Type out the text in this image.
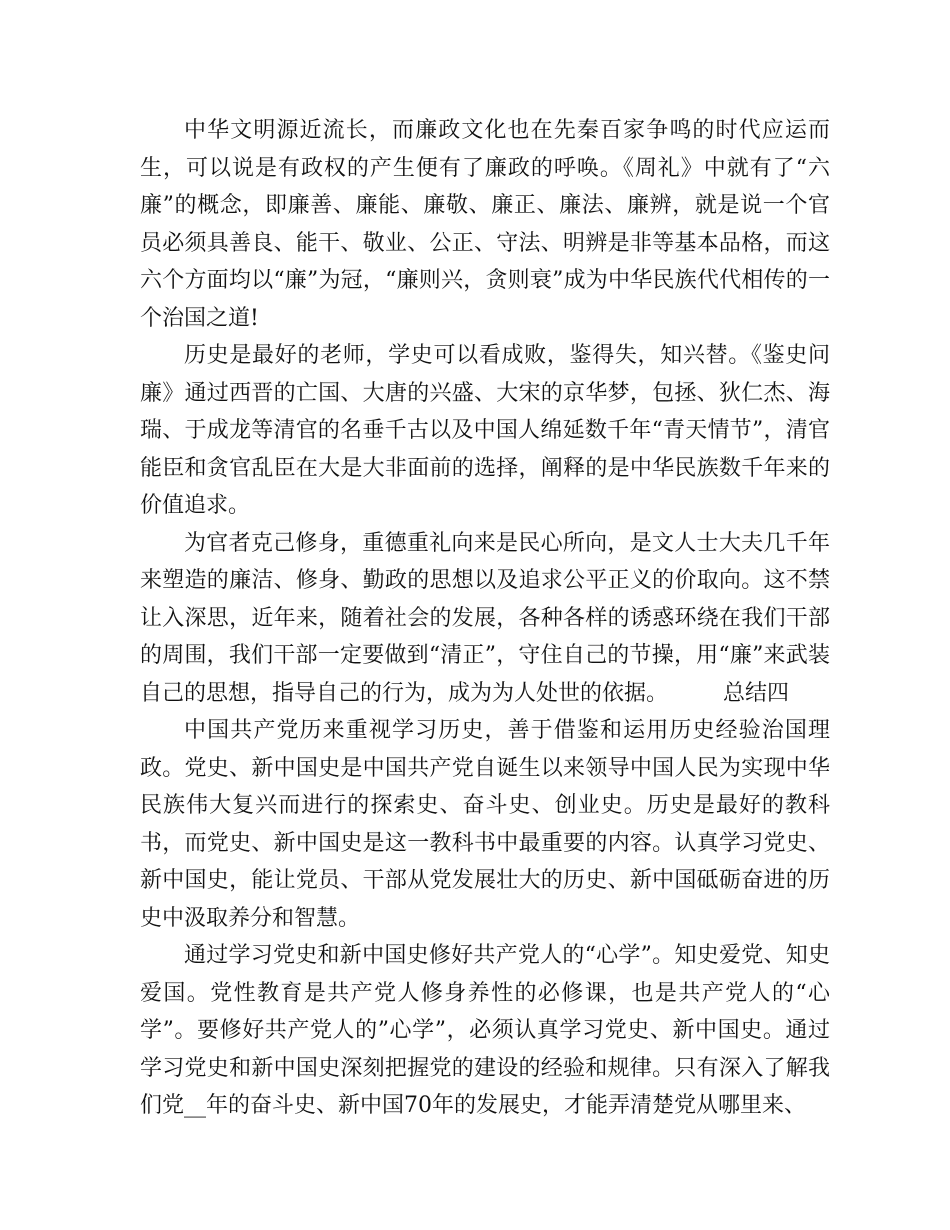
中华文明源近流长，而廉政文化也在先秦百家争鸣的时代应运而生，可以说是有政权的产生便有了廉政的呼唤。《周礼》中就有了“六廉”的概念，即廉善、廉能、廉敬、廉正、廉法、廉辨，就是说一个官员必须具善良、能干、敬业、公正、守法、明辨是非等基本品格，而这六个方面均以“廉”为冠，“廉则兴，贪则衰”成为中华民族代代相传的一个治国之道!

历史是最好的老师，学史可以看成败，鉴得失，知兴替。《鉴史问廉》通过西晋的亡国、大唐的兴盛、大宋的京华梦，包拯、狄仁杰、海瑞、于成龙等清官的名垂千古以及中国人绵延数千年“青天情节”，清官能臣和贪官乱臣在大是大非面前的选择，阐释的是中华民族数千年来的价值追求。

为官者克己修身，重德重礼向来是民心所向，是文人士大夫几千年来塑造的廉洁、修身、勤政的思想以及追求公平正义的价取向。这不禁让入深思，近年来，随着社会的发展，各种各样的诱惑环绕在我们干部的周围，我们干部一定要做到“清正”，守住自己的节操，用“廉”来武装自己的思想，指导自己的行为，成为为人处世的依据。　　　总结四

中国共产党历来重视学习历史，善于借鉴和运用历史经验治国理政。党史、新中国史是中国共产党自诞生以来领导中国人民为实现中华民族伟大复兴而进行的探索史、奋斗史、创业史。历史是最好的教科书，而党史、新中国史是这一教科书中最重要的内容。认真学习党史、新中国史，能让党员、干部从党发展壮大的历史、新中国砥砺奋进的历史中汲取养分和智慧。

通过学习党史和新中国史修好共产党人的“心学”。知史爱党、知史爱国。党性教育是共产党人修身养性的必修课，也是共产党人的“心学”。要修好共产党人的”心学”，必须认真学习党史、新中国史。通过学习党史和新中国史深刻把握党的建设的经验和规律。只有深入了解我们党__年的奋斗史、新中国70年的发展史，才能弄清楚党从哪里来、
